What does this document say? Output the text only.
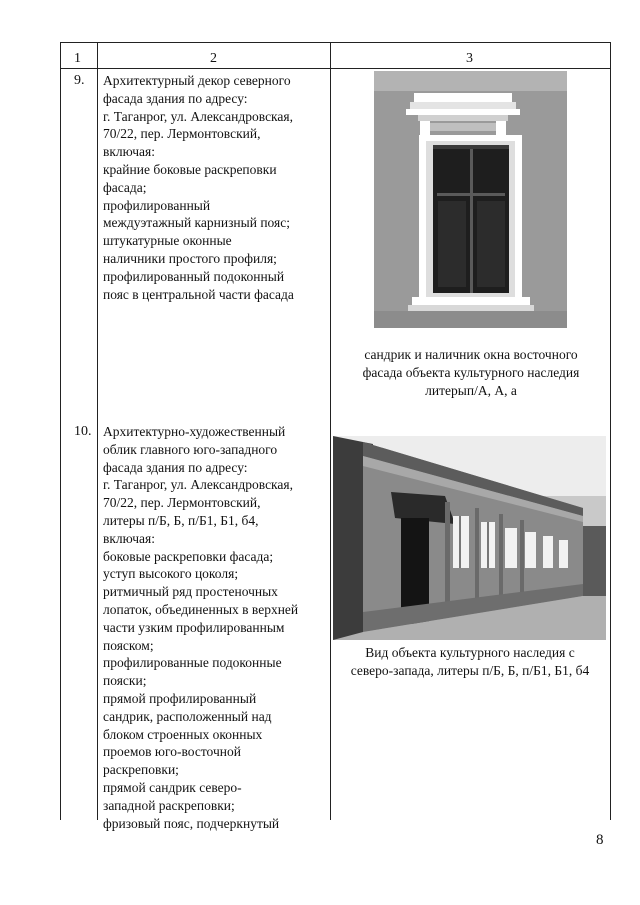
1	2	3
9. Архитектурный декор северного
фасада здания по адресу:
г. Таганрог, ул. Александровская,
70/22, пер. Лермонтовский,
включая:
крайние боковые раскреповки
фасада;
профилированный
междуэтажный карнизный пояс;
штукатурные оконные
наличники простого профиля;
профилированный подоконный
пояс в центральной части фасада
сандрик и наличник окна восточного
фасада объекта культурного наследия
литерып/А, А, а
10. Архитектурно-художественный
облик главного юго-западного
фасада здания по адресу:
г. Таганрог, ул. Александровская,
70/22, пер. Лермонтовский,
литеры п/Б, Б, п/Б1, Б1, б4,
включая:
боковые раскреповки фасада;
уступ высокого цоколя;
ритмичный ряд простеночных
лопаток, объединенных в верхней
части узким профилированным
пояском;
профилированные подоконные
пояски;
прямой профилированный
сандрик, расположенный над
блоком строенных оконных
проемов юго-восточной
раскреповки;
прямой сандрик северо-
западной раскреповки;
фризовый пояс, подчеркнутый
Вид объекта культурного наследия с
северо-запада, литеры п/Б, Б, п/Б1, Б1, б4
8
